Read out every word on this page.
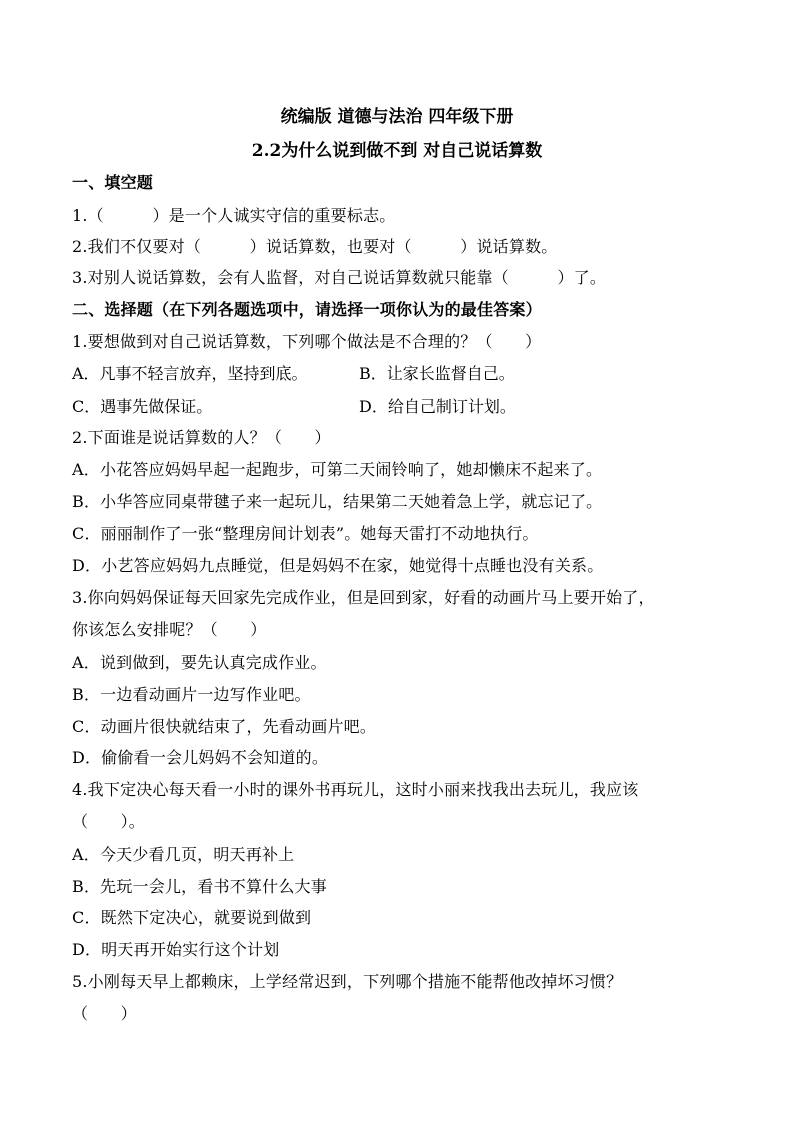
统编版 道德与法治 四年级下册
2.2为什么说到做不到 对自己说话算数
一、填空题
1.（　　　）是一个人诚实守信的重要标志。
2.我们不仅要对（　　　）说话算数，也要对（　　　）说话算数。
3.对别人说话算数，会有人监督，对自己说话算数就只能靠（　　　）了。
二、选择题（在下列各题选项中，请选择一项你认为的最佳答案）
1.要想做到对自己说话算数，下列哪个做法是不合理的？（　　）
A．凡事不轻言放弃，坚持到底。	B．让家长监督自己。
C．遇事先做保证。	D．给自己制订计划。
2.下面谁是说话算数的人？（　　）
A．小花答应妈妈早起一起跑步，可第二天闹铃响了，她却懒床不起来了。
B．小华答应同桌带毽子来一起玩儿，结果第二天她着急上学，就忘记了。
C．丽丽制作了一张“整理房间计划表”。她每天雷打不动地执行。
D．小艺答应妈妈九点睡觉，但是妈妈不在家，她觉得十点睡也没有关系。
3.你向妈妈保证每天回家先完成作业，但是回到家，好看的动画片马上要开始了，
你该怎么安排呢？（　　）
A．说到做到，要先认真完成作业。
B．一边看动画片一边写作业吧。
C．动画片很快就结束了，先看动画片吧。
D．偷偷看一会儿妈妈不会知道的。
4.我下定决心每天看一小时的课外书再玩儿，这时小丽来找我出去玩儿，我应该
（　　）。
A．今天少看几页，明天再补上
B．先玩一会儿，看书不算什么大事
C．既然下定决心，就要说到做到
D．明天再开始实行这个计划
5.小刚每天早上都赖床，上学经常迟到，下列哪个措施不能帮他改掉坏习惯？
（　　）
